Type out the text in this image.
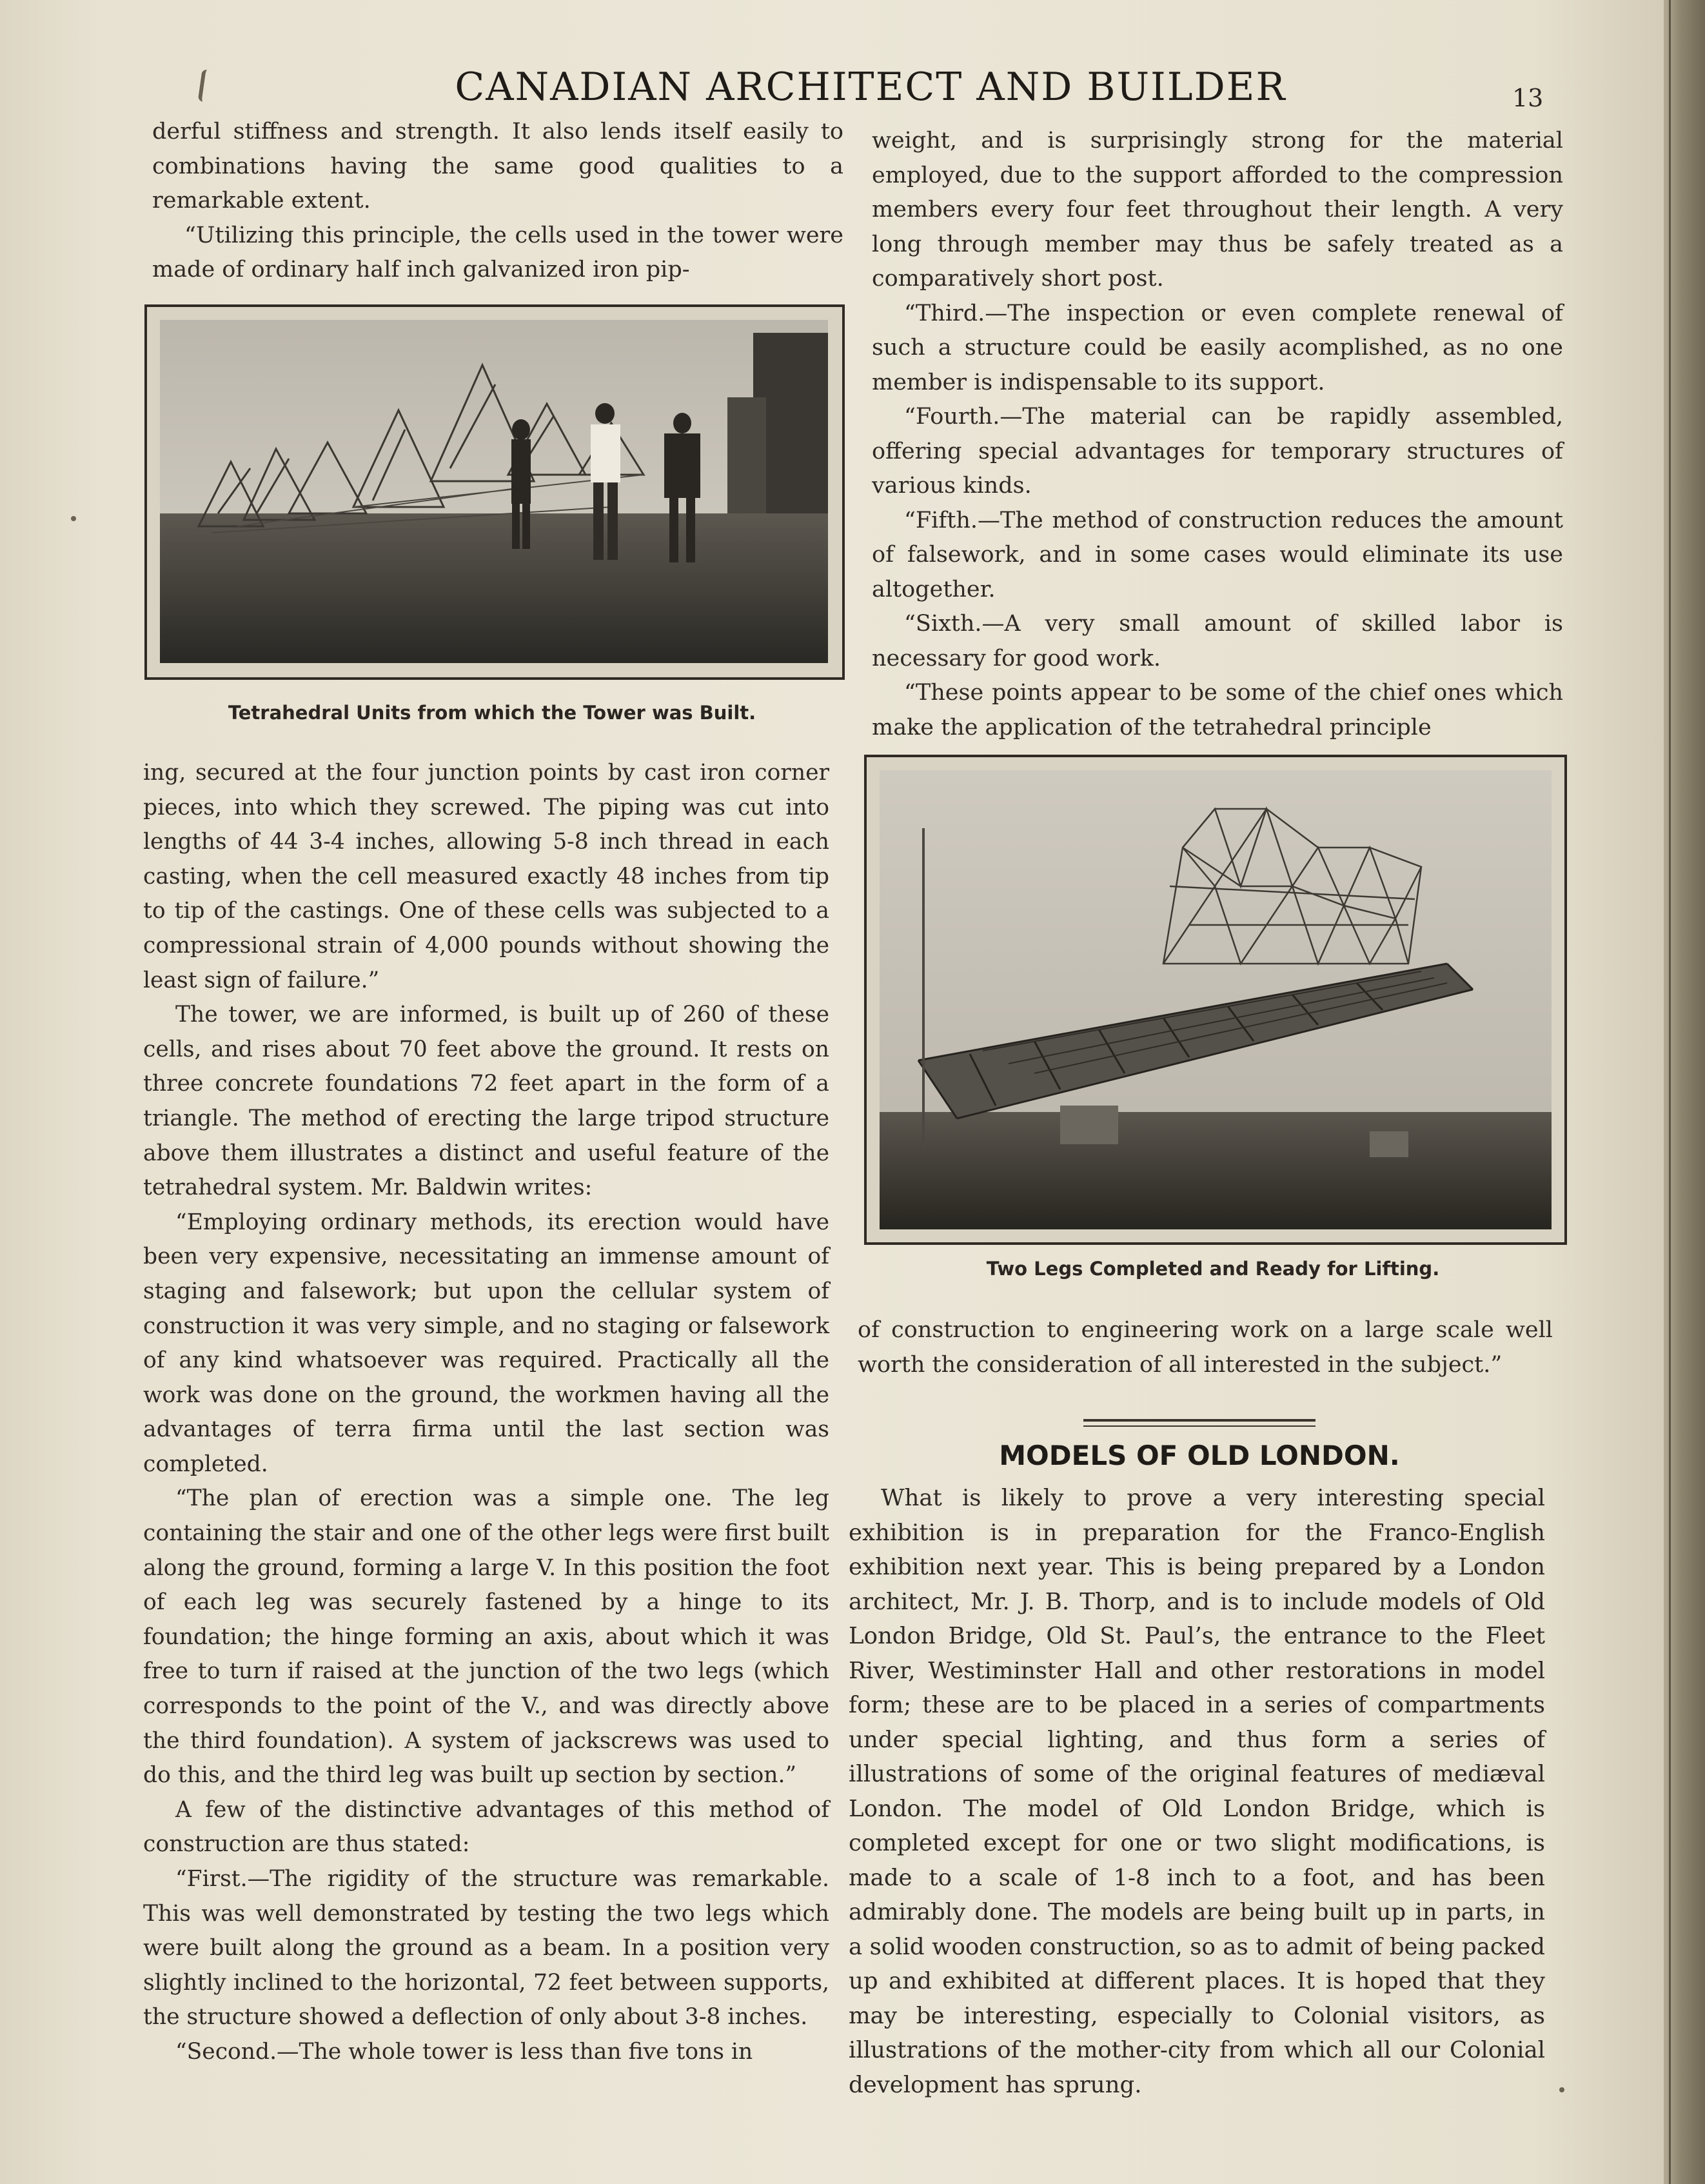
CANADIAN ARCHITECT AND BUILDER	13

derful stiffness and strength. It also lends itself easily to combinations having the same good qualities to a remarkable extent.

“Utilizing this principle, the cells used in the tower were made of ordinary half inch galvanized iron pip-

Tetrahedral Units from which the Tower was Built.

ing, secured at the four junction points by cast iron corner pieces, into which they screwed. The piping was cut into lengths of 44 3-4 inches, allowing 5-8 inch thread in each casting, when the cell measured exactly 48 inches from tip to tip of the castings. One of these cells was subjected to a compressional strain of 4,000 pounds without showing the least sign of failure.”

The tower, we are informed, is built up of 260 of these cells, and rises about 70 feet above the ground. It rests on three concrete foundations 72 feet apart in the form of a triangle. The method of erecting the large tripod structure above them illustrates a distinct and useful feature of the tetrahedral system. Mr. Baldwin writes:

“Employing ordinary methods, its erection would have been very expensive, necessitating an immense amount of staging and falsework; but upon the cellular system of construction it was very simple, and no staging or falsework of any kind whatsoever was required. Practically all the work was done on the ground, the workmen having all the advantages of terra firma until the last section was completed.

“The plan of erection was a simple one. The leg containing the stair and one of the other legs were first built along the ground, forming a large V. In this position the foot of each leg was securely fastened by a hinge to its foundation; the hinge forming an axis, about which it was free to turn if raised at the junction of the two legs (which corresponds to the point of the V., and was directly above the third foundation). A system of jackscrews was used to do this, and the third leg was built up section by section.”

A few of the distinctive advantages of this method of construction are thus stated:

“First.—The rigidity of the structure was remarkable. This was well demonstrated by testing the two legs which were built along the ground as a beam. In a position very slightly inclined to the horizontal, 72 feet between supports, the structure showed a deflection of only about 3-8 inches.

“Second.—The whole tower is less than five tons in

weight, and is surprisingly strong for the material employed, due to the support afforded to the compression members every four feet throughout their length. A very long through member may thus be safely treated as a comparatively short post.

“Third.—The inspection or even complete renewal of such a structure could be easily acomplished, as no one member is indispensable to its support.

“Fourth.—The material can be rapidly assembled, offering special advantages for temporary structures of various kinds.

“Fifth.—The method of construction reduces the amount of falsework, and in some cases would eliminate its use altogether.

“Sixth.—A very small amount of skilled labor is necessary for good work.

“These points appear to be some of the chief ones which make the application of the tetrahedral principle

Two Legs Completed and Ready for Lifting.

of construction to engineering work on a large scale well worth the consideration of all interested in the subject.”

MODELS OF OLD LONDON.

What is likely to prove a very interesting special exhibition is in preparation for the Franco-English exhibition next year. This is being prepared by a London architect, Mr. J. B. Thorp, and is to include models of Old London Bridge, Old St. Paul’s, the entrance to the Fleet River, Westiminster Hall and other restorations in model form; these are to be placed in a series of compartments under special lighting, and thus form a series of illustrations of some of the original features of mediæval London. The model of Old London Bridge, which is completed except for one or two slight modifications, is made to a scale of 1-8 inch to a foot, and has been admirably done. The models are being built up in parts, in a solid wooden construction, so as to admit of being packed up and exhibited at different places. It is hoped that they may be interesting, especially to Colonial visitors, as illustrations of the mother-city from which all our Colonial development has sprung.
